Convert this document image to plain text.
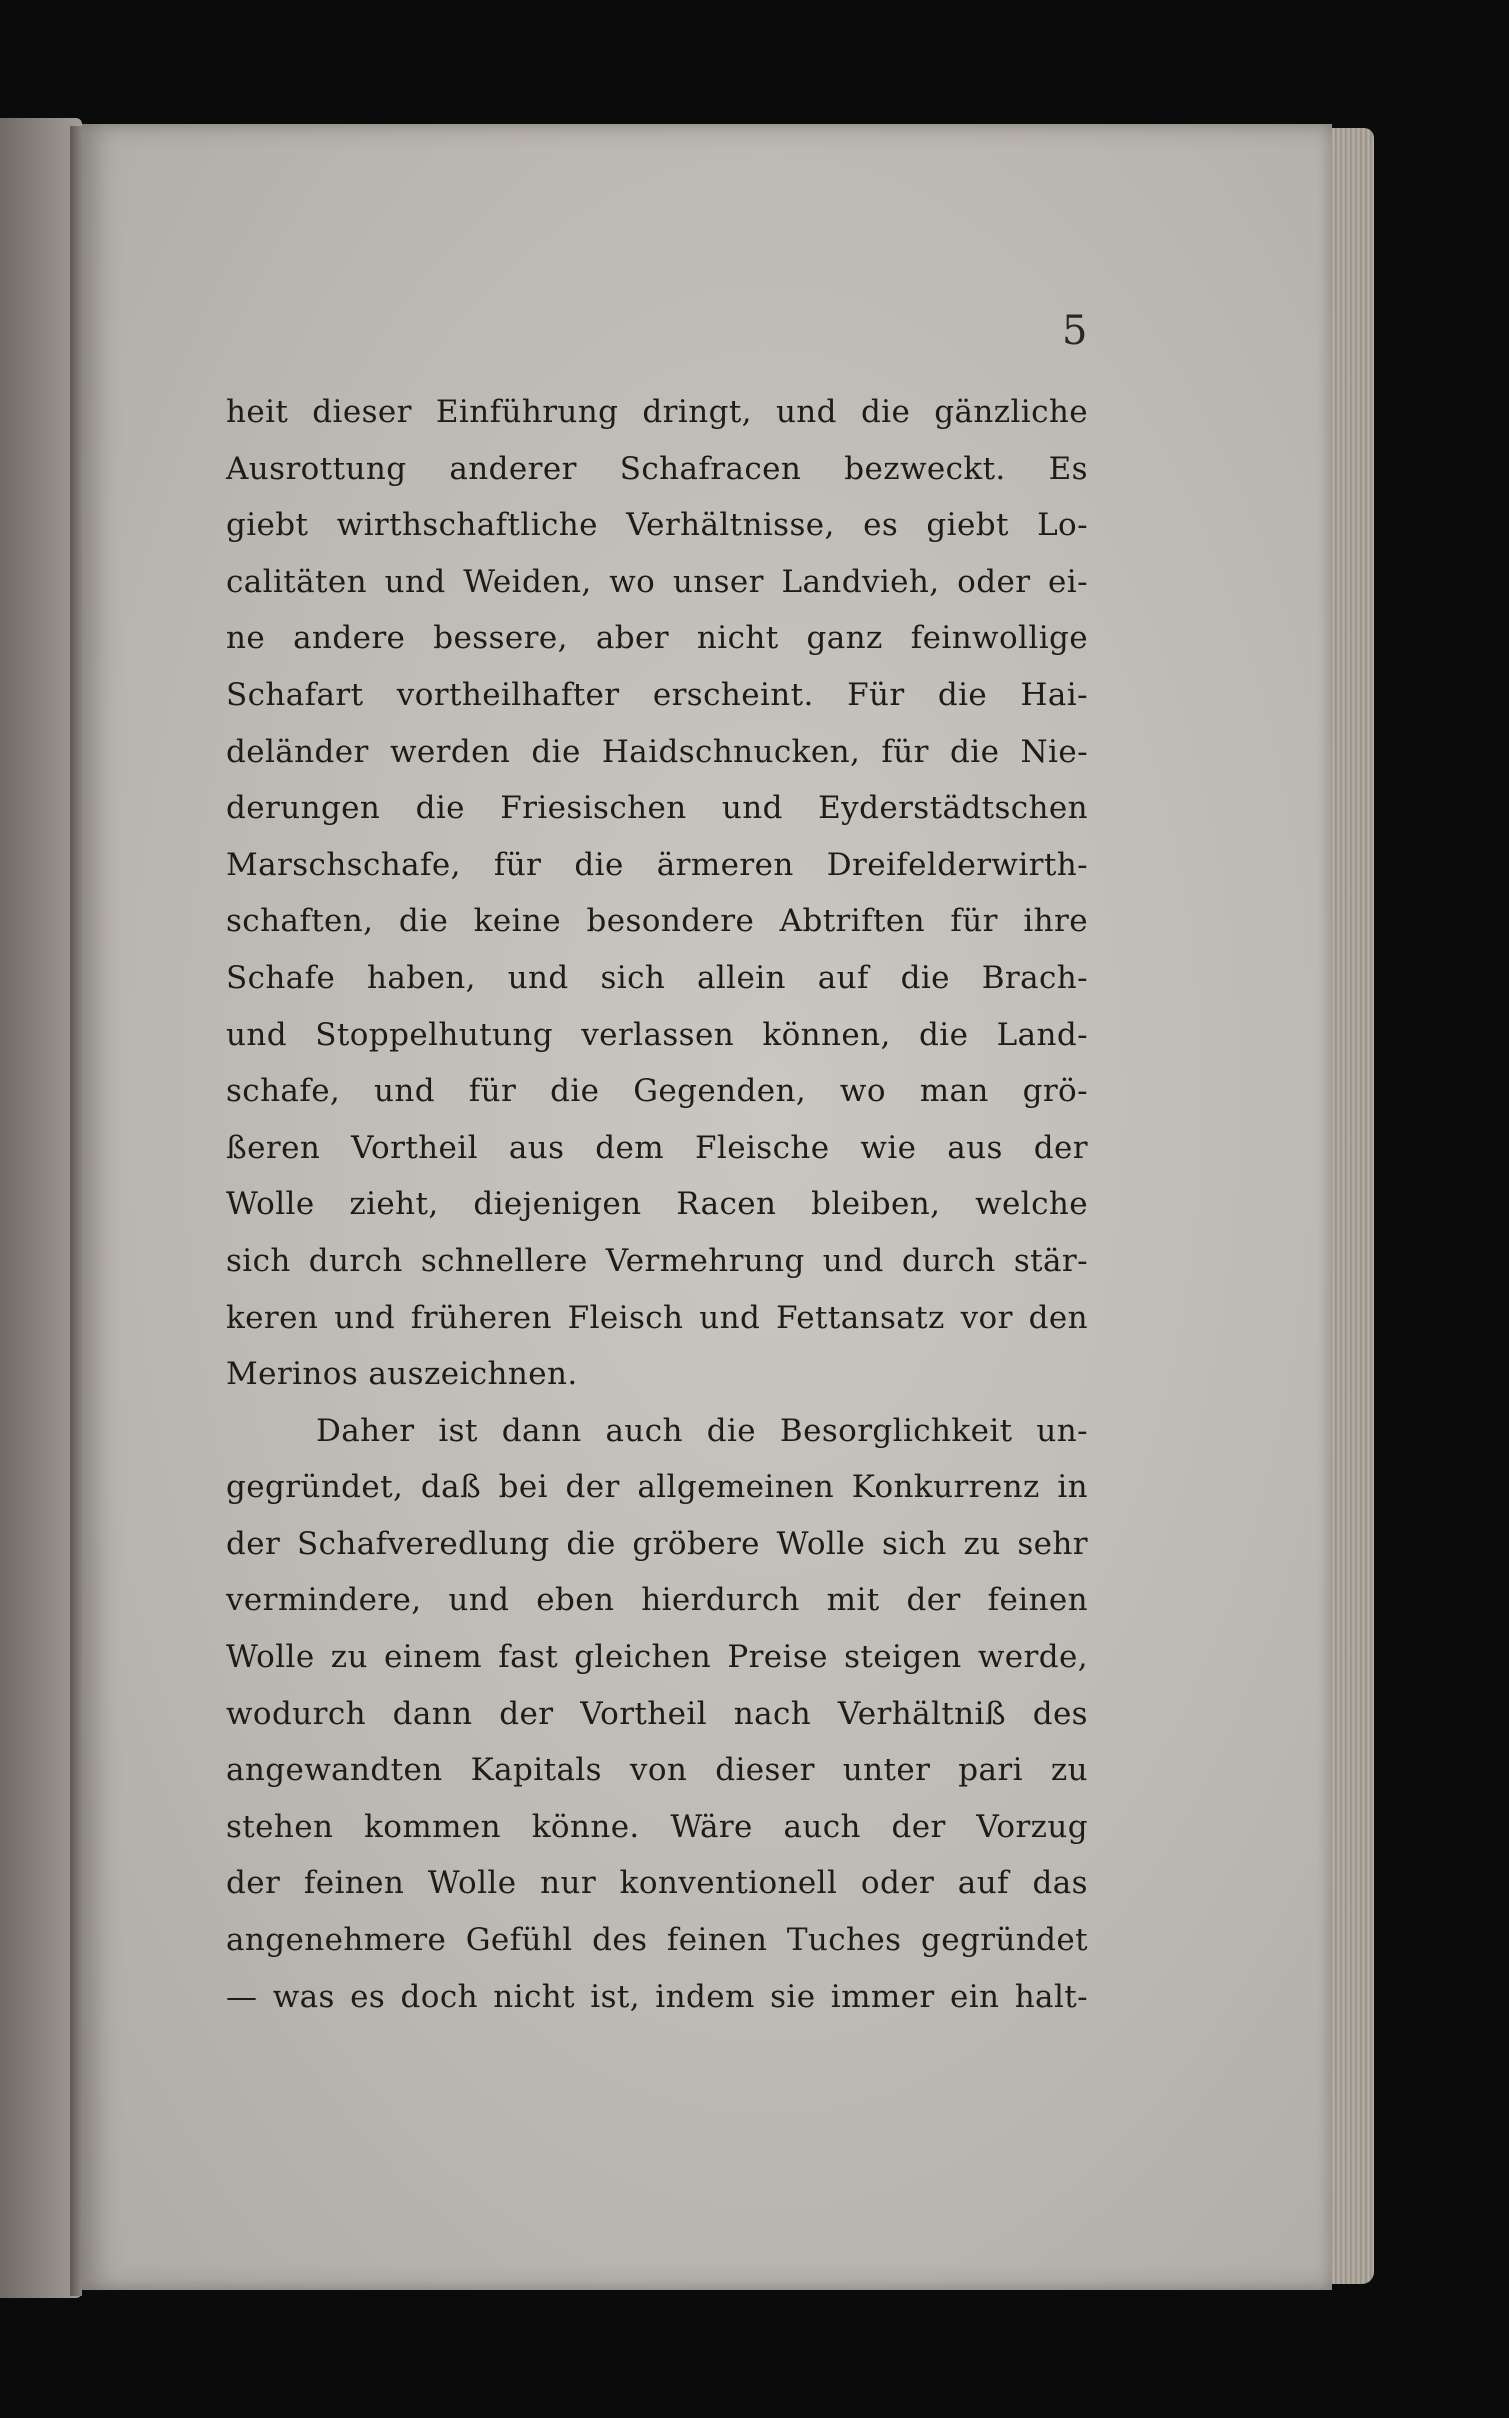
5
heit dieser Einführung dringt, und die gänzliche
Ausrottung anderer Schafracen bezweckt. Es
giebt wirthschaftliche Verhältnisse, es giebt Lo-
calitäten und Weiden, wo unser Landvieh, oder ei-
ne andere bessere, aber nicht ganz feinwollige
Schafart vortheilhafter erscheint. Für die Hai-
deländer werden die Haidschnucken, für die Nie-
derungen die Friesischen und Eyderstädtschen
Marschschafe, für die ärmeren Dreifelderwirth-
schaften, die keine besondere Abtriften für ihre
Schafe haben, und sich allein auf die Brach-
und Stoppelhutung verlassen können, die Land-
schafe, und für die Gegenden, wo man grö-
ßeren Vortheil aus dem Fleische wie aus der
Wolle zieht, diejenigen Racen bleiben, welche
sich durch schnellere Vermehrung und durch stär-
keren und früheren Fleisch und Fettansatz vor den
Merinos auszeichnen.
Daher ist dann auch die Besorglichkeit un-
gegründet, daß bei der allgemeinen Konkurrenz in
der Schafveredlung die gröbere Wolle sich zu sehr
vermindere, und eben hierdurch mit der feinen
Wolle zu einem fast gleichen Preise steigen werde,
wodurch dann der Vortheil nach Verhältniß des
angewandten Kapitals von dieser unter pari zu
stehen kommen könne. Wäre auch der Vorzug
der feinen Wolle nur konventionell oder auf das
angenehmere Gefühl des feinen Tuches gegründet
— was es doch nicht ist, indem sie immer ein halt-
